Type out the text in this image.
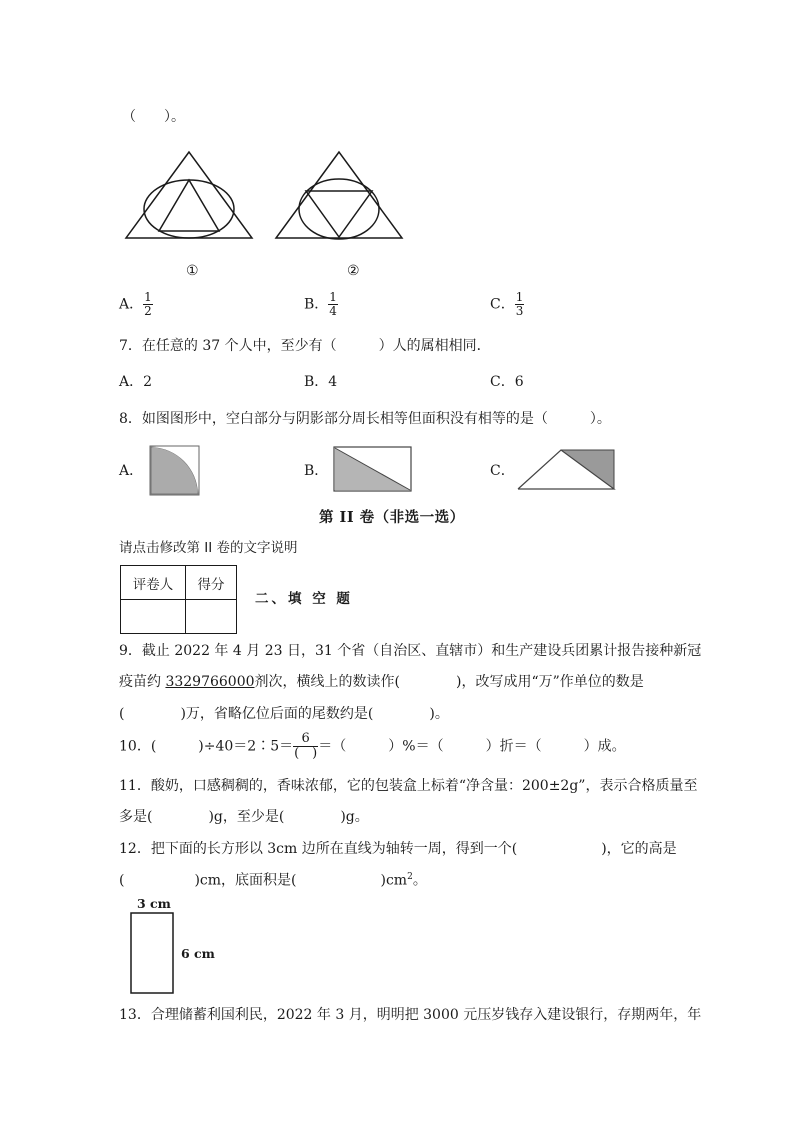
（　　）。
①	②
A． $\frac{1}{2}$	B． $\frac{1}{4}$	C． $\frac{1}{3}$
7．在任意的 37 个人中，至少有（　　　）人的属相相同．
A．2	B．4	C．6
8．如图图形中，空白部分与阴影部分周长相等但面积没有相等的是（　　　）。
A．	B．	C．
第 II 卷（非选一选）
请点击修改第 II 卷的文字说明
评卷人	得分

二、填 空 题
9．截止 2022 年 4 月 23 日，31 个省（自治区、直辖市）和生产建设兵团累计报告接种新冠
疫苗约 3329766000剂次，横线上的数读作(　　　　)，改写成用“万”作单位的数是
(　　　　)万，省略亿位后面的尾数约是(　　　　)。
10．(　　　)÷40＝2∶5＝ $\frac{6}{( )}$ ＝（　　　）%＝（　　　）折＝（　　　）成。
11．酸奶，口感稠稠的，香味浓郁，它的包装盒上标着“净含量：200±2g”，表示合格质量至
多是(　　　　)g，至少是(　　　　)g。
12．把下面的长方形以 3cm 边所在直线为轴转一周，得到一个(　　　　　　)，它的高是
(　　　　　)cm，底面积是(　　　　　　)$cm^2$。
3 cm
6 cm
13．合理储蓄利国利民，2022 年 3 月，明明把 3000 元压岁钱存入建设银行，存期两年，年
